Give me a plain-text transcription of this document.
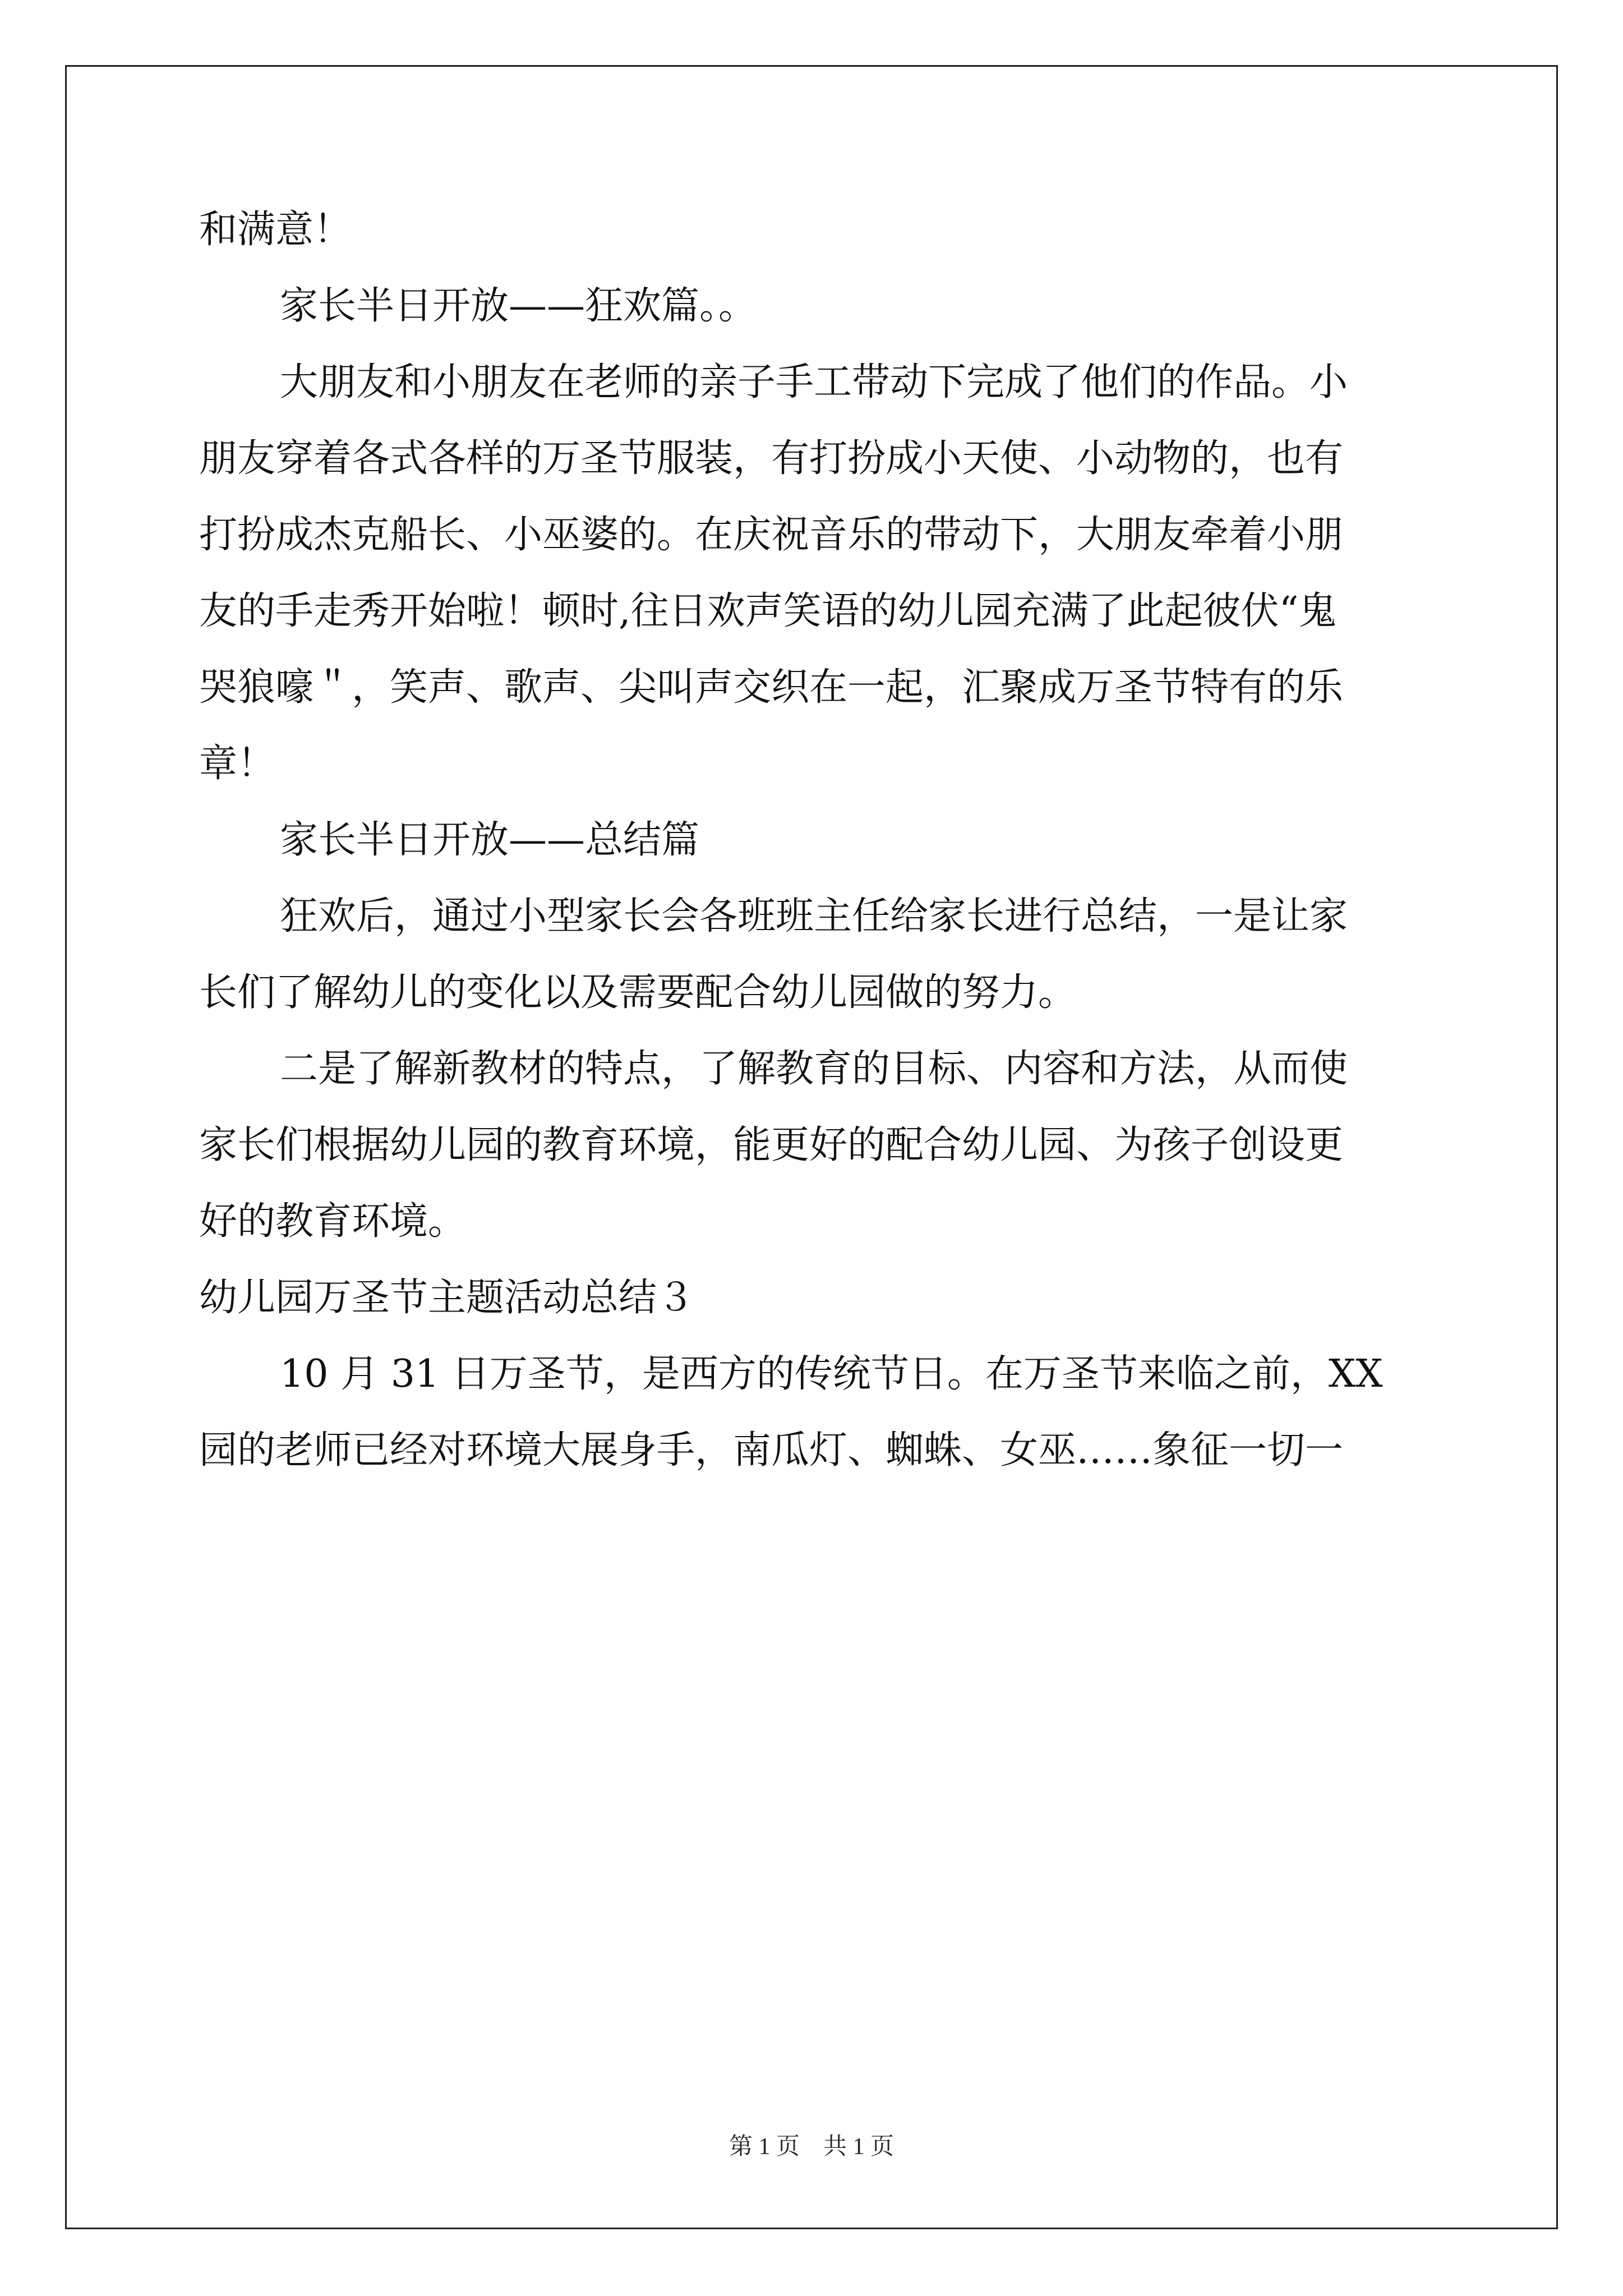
和满意！
家长半日开放——狂欢篇。。
大朋友和小朋友在老师的亲子手工带动下完成了他们的作品。小
朋友穿着各式各样的万圣节服装，有打扮成小天使、小动物的，也有
打扮成杰克船长、小巫婆的。在庆祝音乐的带动下，大朋友牵着小朋
友的手走秀开始啦！顿时,往日欢声笑语的幼儿园充满了此起彼伏“鬼
哭狼嚎＂，笑声、歌声、尖叫声交织在一起，汇聚成万圣节特有的乐
章！
家长半日开放——总结篇
狂欢后，通过小型家长会各班班主任给家长进行总结，一是让家
长们了解幼儿的变化以及需要配合幼儿园做的努力。
二是了解新教材的特点，了解教育的目标、内容和方法，从而使
家长们根据幼儿园的教育环境，能更好的配合幼儿园、为孩子创设更
好的教育环境。
幼儿园万圣节主题活动总结３
10 月 31 日万圣节，是西方的传统节日。在万圣节来临之前，XX
园的老师已经对环境大展身手，南瓜灯、蜘蛛、女巫……象征一切一
第 1 页　共 1 页
